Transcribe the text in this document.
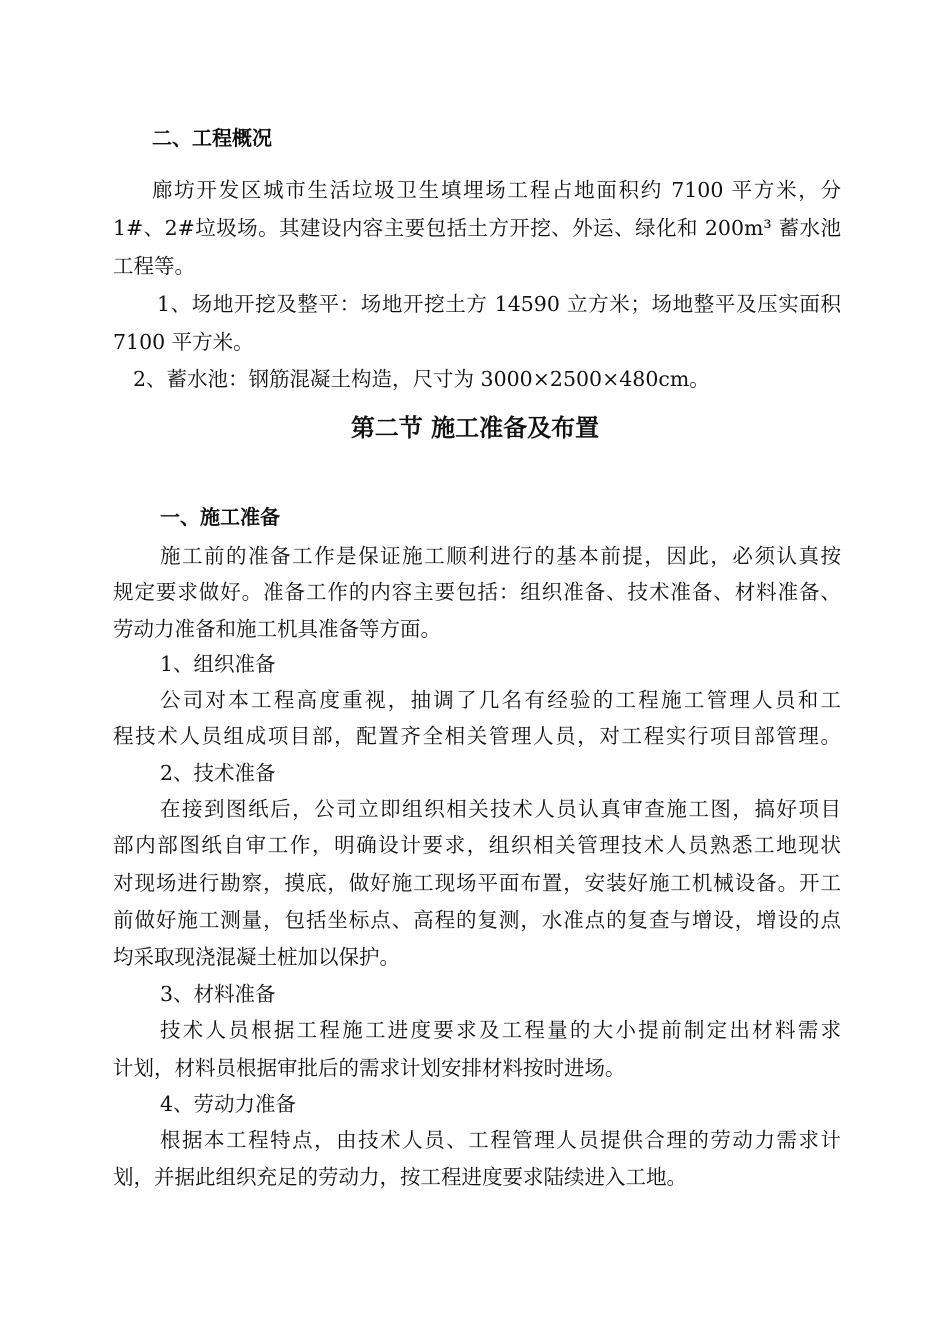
二、工程概况
廊坊开发区城市生活垃圾卫生填埋场工程占地面积约 7100 平方米，分
1#、2#垃圾场。其建设内容主要包括土方开挖、外运、绿化和 200m³ 蓄水池
工程等。
1、场地开挖及整平：场地开挖土方 14590 立方米；场地整平及压实面积
7100 平方米。
2、蓄水池：钢筋混凝土构造，尺寸为 3000×2500×480cm。
第二节 施工准备及布置
一、施工准备
施工前的准备工作是保证施工顺利进行的基本前提，因此，必须认真按
规定要求做好。准备工作的内容主要包括：组织准备、技术准备、材料准备、
劳动力准备和施工机具准备等方面。
1、组织准备
公司对本工程高度重视，抽调了几名有经验的工程施工管理人员和工
程技术人员组成项目部，配置齐全相关管理人员，对工程实行项目部管理。
2、技术准备
在接到图纸后，公司立即组织相关技术人员认真审查施工图，搞好项目
部内部图纸自审工作，明确设计要求，组织相关管理技术人员熟悉工地现状
对现场进行勘察，摸底，做好施工现场平面布置，安装好施工机械设备。开工
前做好施工测量，包括坐标点、高程的复测，水准点的复查与增设，增设的点
均采取现浇混凝土桩加以保护。
3、材料准备
技术人员根据工程施工进度要求及工程量的大小提前制定出材料需求
计划，材料员根据审批后的需求计划安排材料按时进场。
4、劳动力准备
根据本工程特点，由技术人员、工程管理人员提供合理的劳动力需求计
划，并据此组织充足的劳动力，按工程进度要求陆续进入工地。
